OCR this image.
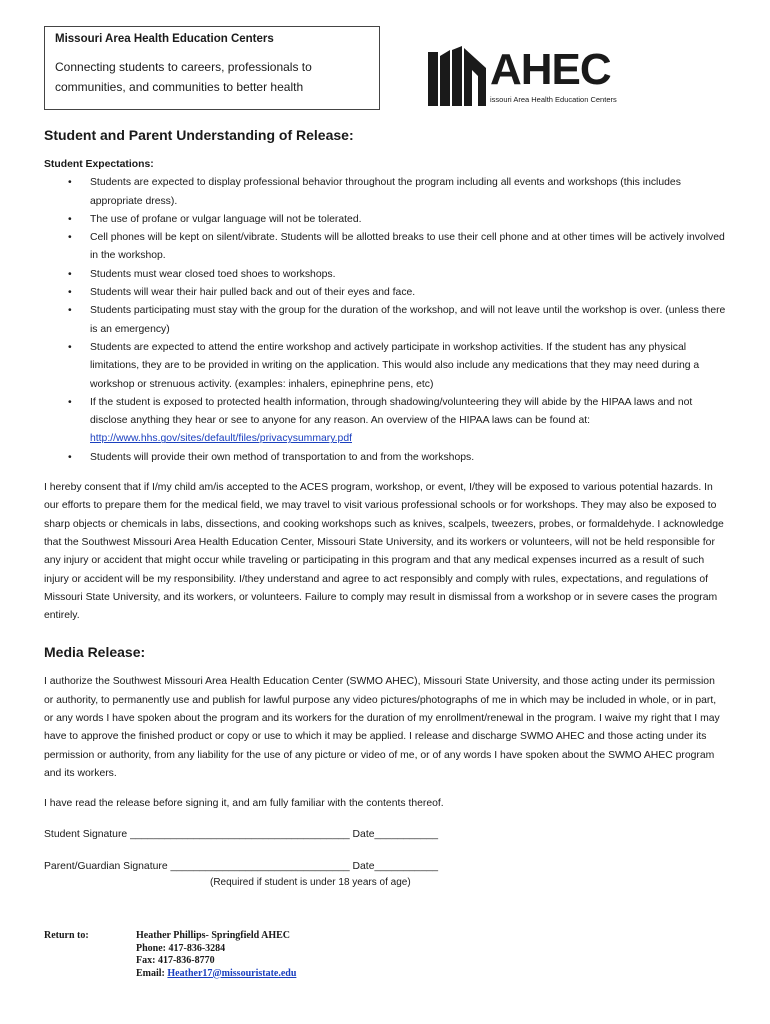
Missouri Area Health Education Centers
Connecting students to careers, professionals to
communities, and communities to better health	AHEC
issouri Area Health Education Centers
Student and Parent Understanding of Release:
Student Expectations:
• Students are expected to display professional behavior throughout the program including all events and workshops (this includes appropriate dress).
• The use of profane or vulgar language will not be tolerated.
• Cell phones will be kept on silent/vibrate. Students will be allotted breaks to use their cell phone and at other times will be actively involved in the workshop.
• Students must wear closed toed shoes to workshops.
• Students will wear their hair pulled back and out of their eyes and face.
• Students participating must stay with the group for the duration of the workshop, and will not leave until the workshop is over. (unless there is an emergency)
• Students are expected to attend the entire workshop and actively participate in workshop activities. If the student has any physical limitations, they are to be provided in writing on the application. This would also include any medications that they may need during a workshop or strenuous activity. (examples: inhalers, epinephrine pens, etc)
• If the student is exposed to protected health information, through shadowing/volunteering they will abide by the HIPAA laws and not disclose anything they hear or see to anyone for any reason. An overview of the HIPAA laws can be found at:
http://www.hhs.gov/sites/default/files/privacysummary.pdf
• Students will provide their own method of transportation to and from the workshops.

I hereby consent that if I/my child am/is accepted to the ACES program, workshop, or event, I/they will be exposed to various potential hazards. In our efforts to prepare them for the medical field, we may travel to visit various professional schools or for workshops. They may also be exposed to sharp objects or chemicals in labs, dissections, and cooking workshops such as knives, scalpels, tweezers, probes, or formaldehyde. I acknowledge that the Southwest Missouri Area Health Education Center, Missouri State University, and its workers or volunteers, will not be held responsible for any injury or accident that might occur while traveling or participating in this program and that any medical expenses incurred as a result of such injury or accident will be my responsibility. I/they understand and agree to act responsibly and comply with rules, expectations, and regulations of Missouri State University, and its workers, or volunteers. Failure to comply may result in dismissal from a workshop or in severe cases the program entirely.

Media Release:

I authorize the Southwest Missouri Area Health Education Center (SWMO AHEC), Missouri State University, and those acting under its permission or authority, to permanently use and publish for lawful purpose any video pictures/photographs of me in which may be included in whole, or in part, or any words I have spoken about the program and its workers for the duration of my enrollment/renewal in the program. I waive my right that I may have to approve the finished product or copy or use to which it may be applied. I release and discharge SWMO AHEC and those acting under its permission or authority, from any liability for the use of any picture or video of me, or of any words I have spoken about the SWMO AHEC program and its workers.

I have read the release before signing it, and am fully familiar with the contents thereof.

Student Signature ______________________________________ Date___________
Parent/Guardian Signature _______________________________ Date___________
(Required if student is under 18 years of age)
Return to:	Heather Phillips- Springfield AHEC
Phone: 417-836-3284
Fax: 417-836-8770
Email: Heather17@missouristate.edu
